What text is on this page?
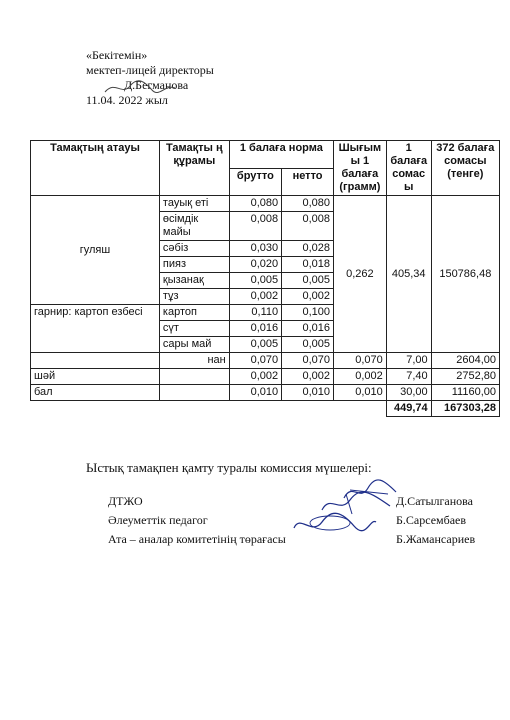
«Бекітемін»
мектеп-лицей директоры
Д.Бегманова
11.04. 2022 жыл
Тамақтың атауы	Тамақты ң құрамы	1 балаға норма		Шығым ы 1 балаға (грамм)	1 балаға сомас ы	372 балаға сомасы (тенге)
		брутто	нетто			
гуляш	тауық еті	0,080	0,080	0,262	405,34	150786,48
	өсімдік майы	0,008	0,008			
	сәбіз	0,030	0,028			
	пияз	0,020	0,018			
	қызанақ	0,005	0,005			
	тұз	0,002	0,002			
гарнир: картоп езбесі	картоп	0,110	0,100			
	сүт	0,016	0,016			
	сары май	0,005	0,005			
	нан	0,070	0,070	0,070	7,00	2604,00
шәй		0,002	0,002	0,002	7,40	2752,80
бал		0,010	0,010	0,010	30,00	11160,00
					449,74	167303,28
Ыстық тамақпен қамту туралы комиссия мүшелері:
ДТЖО	Д.Сатылганова
Әлеуметтік педагог	Б.Сарсембаев
Ата – аналар комитетінің төрағасы	Б.Жамансариев
